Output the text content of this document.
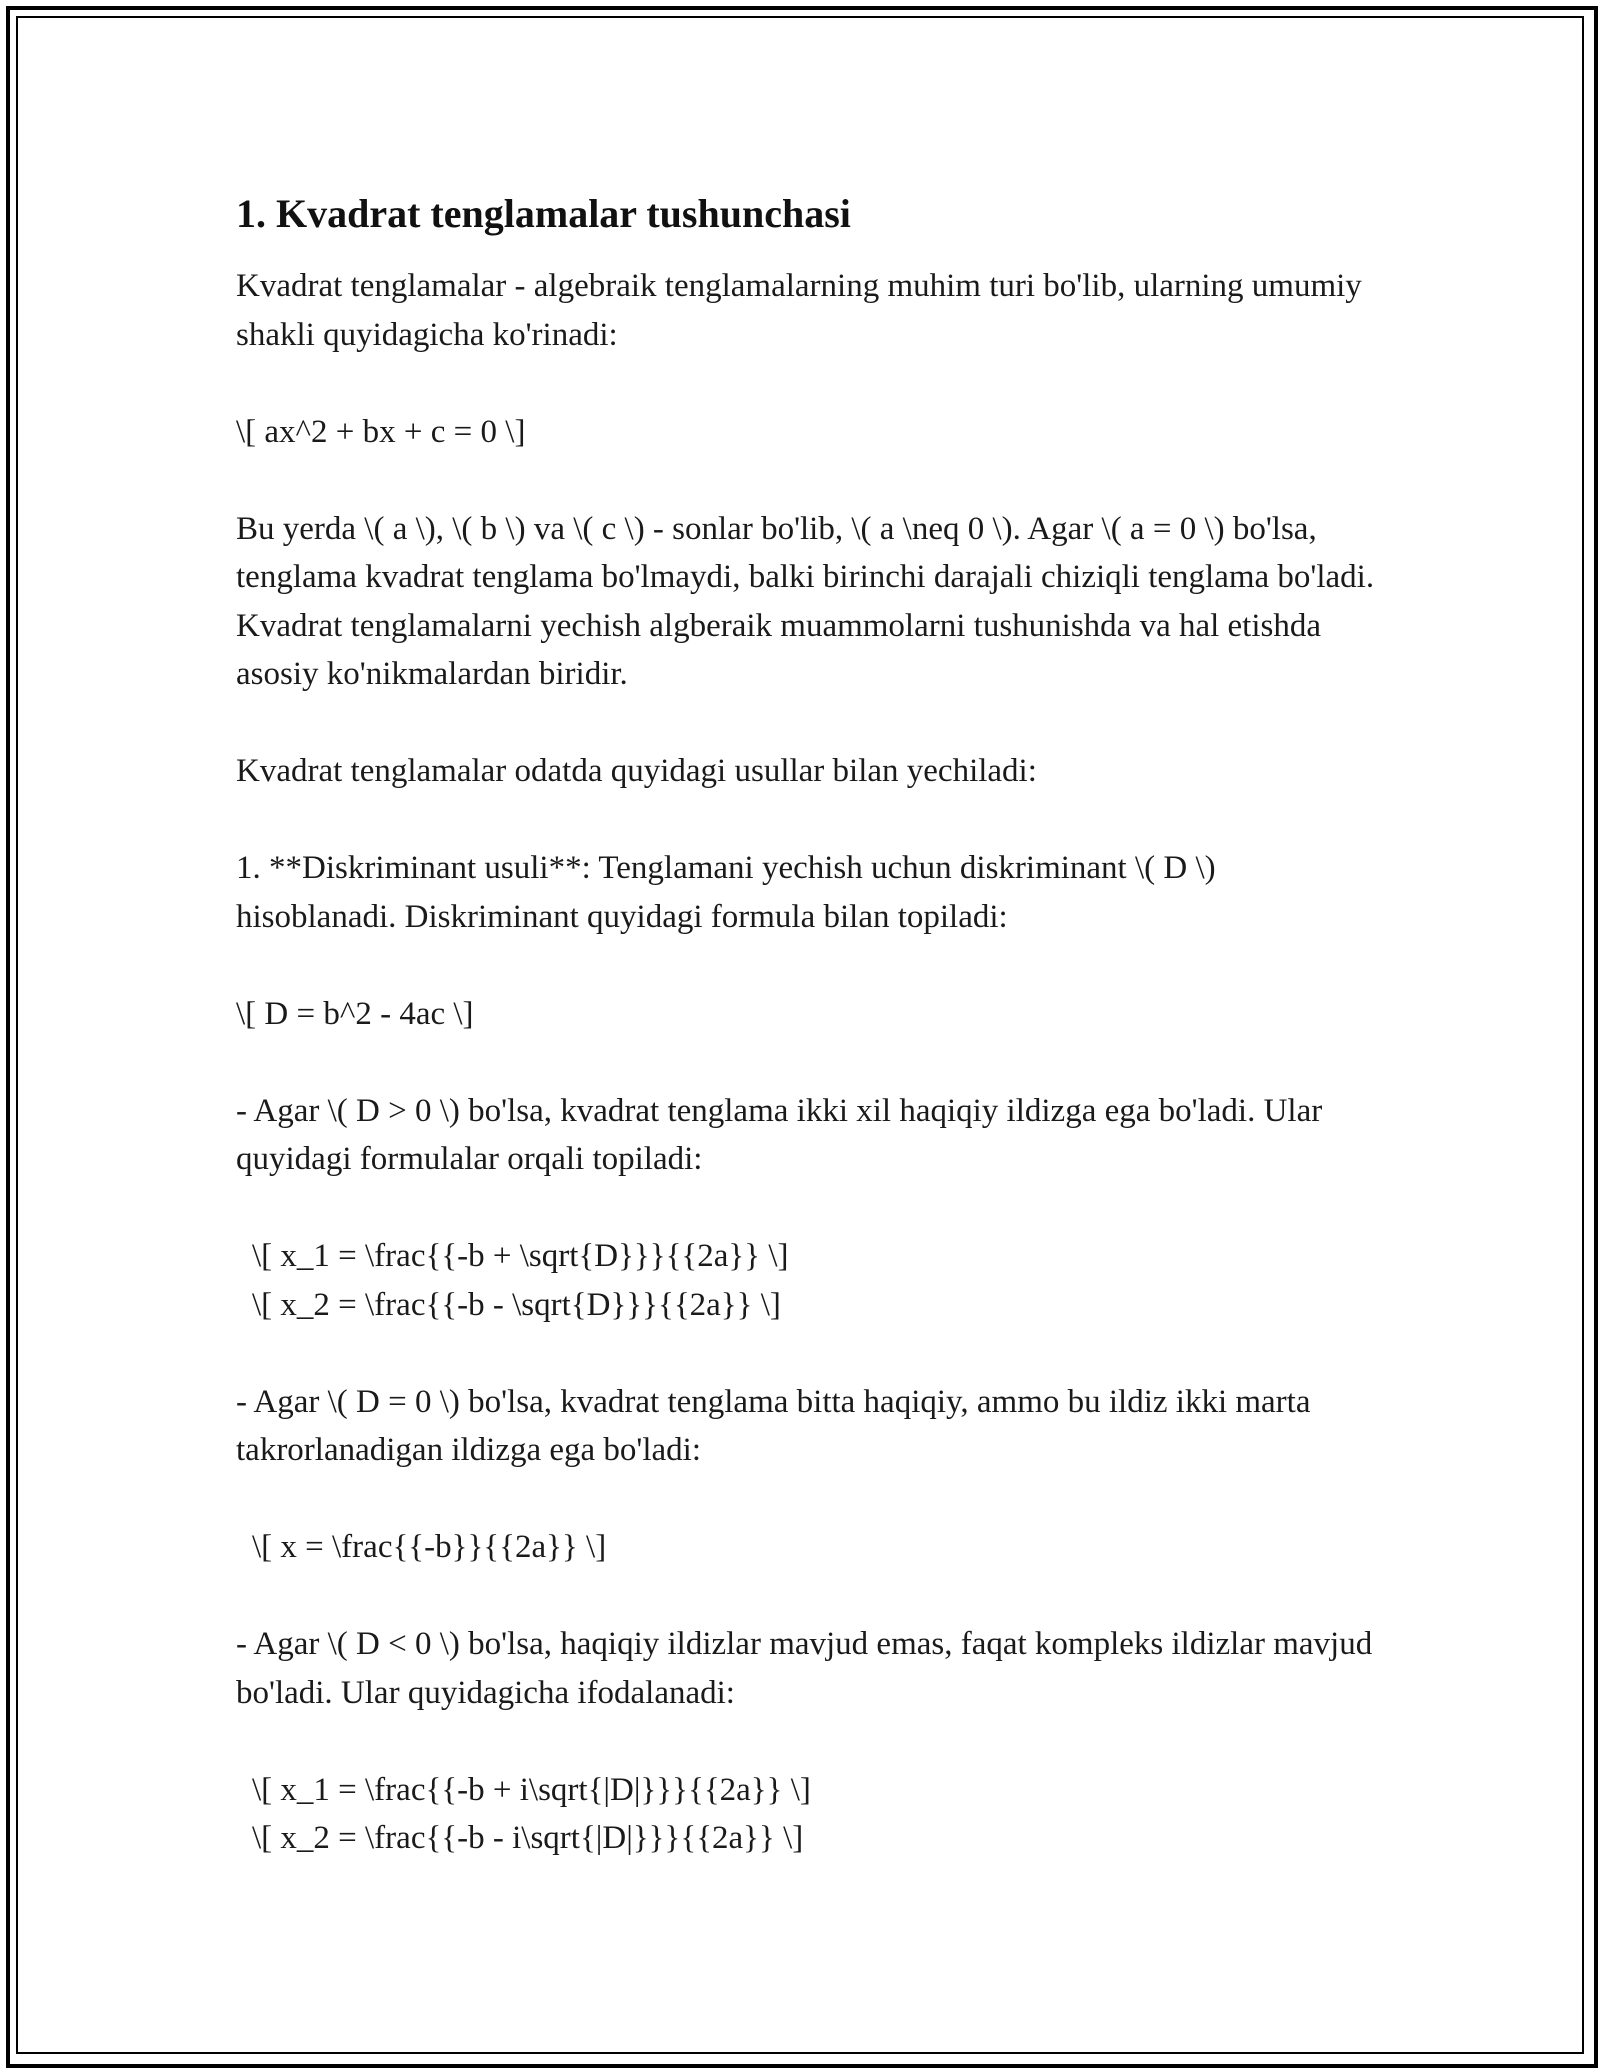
1. Kvadrat tenglamalar tushunchasi

Kvadrat tenglamalar - algebraik tenglamalarning muhim turi bo'lib, ularning umumiy shakli quyidagicha ko'rinadi:

\[ ax^2 + bx + c = 0 \]

Bu yerda \( a \), \( b \) va \( c \) - sonlar bo'lib, \( a \neq 0 \). Agar \( a = 0 \) bo'lsa, tenglama kvadrat tenglama bo'lmaydi, balki birinchi darajali chiziqli tenglama bo'ladi. Kvadrat tenglamalarni yechish algberaik muammolarni tushunishda va hal etishda asosiy ko'nikmalardan biridir.

Kvadrat tenglamalar odatda quyidagi usullar bilan yechiladi:

1. **Diskriminant usuli**: Tenglamani yechish uchun diskriminant \( D \) hisoblanadi. Diskriminant quyidagi formula bilan topiladi:

\[ D = b^2 - 4ac \]

- Agar \( D > 0 \) bo'lsa, kvadrat tenglama ikki xil haqiqiy ildizga ega bo'ladi. Ular quyidagi formulalar orqali topiladi:

\[ x_1 = \frac{{-b + \sqrt{D}}}{{2a}} \]

\[ x_2 = \frac{{-b - \sqrt{D}}}{{2a}} \]

- Agar \( D = 0 \) bo'lsa, kvadrat tenglama bitta haqiqiy, ammo bu ildiz ikki marta takrorlanadigan ildizga ega bo'ladi:

\[ x = \frac{{-b}}{{2a}} \]

- Agar \( D < 0 \) bo'lsa, haqiqiy ildizlar mavjud emas, faqat kompleks ildizlar mavjud bo'ladi. Ular quyidagicha ifodalanadi:

\[ x_1 = \frac{{-b + i\sqrt{|D|}}}{{2a}} \]

\[ x_2 = \frac{{-b - i\sqrt{|D|}}}{{2a}} \]
